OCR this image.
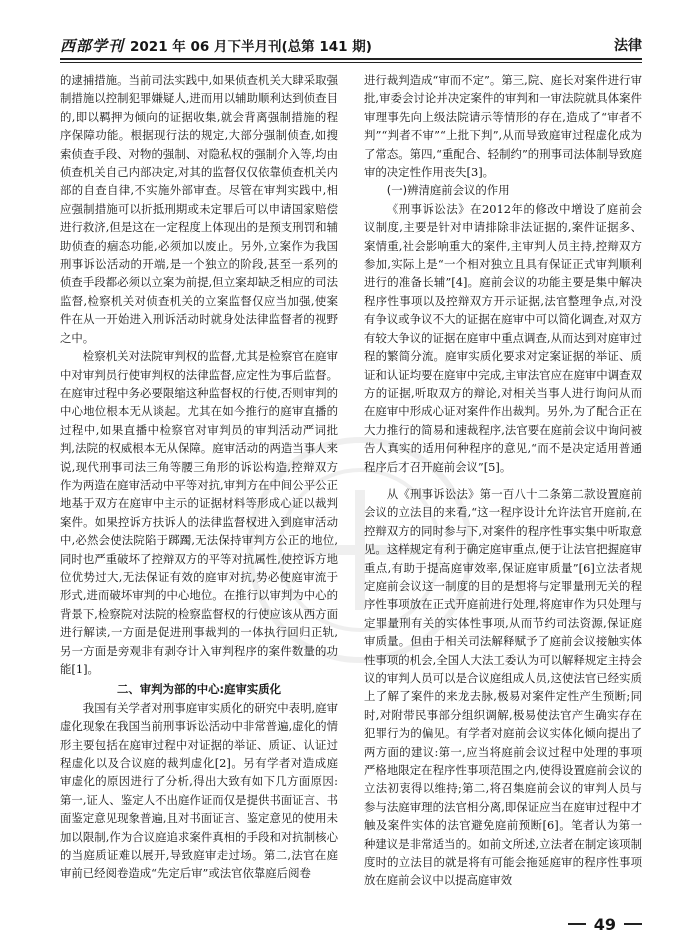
西部学刊 2021 年 06 月下半月刊(总第 141 期)	法律

的逮捕措施。当前司法实践中,如果侦查机关大肆采取强制措施以控制犯罪嫌疑人,进而用以辅助顺利达到侦查目的,即以羁押为倾向的证据收集,就会背离强制措施的程序保障功能。根据现行法的规定,大部分强制侦查,如搜索侦查手段、对物的强制、对隐私权的强制介入等,均由侦查机关自己内部决定,对其的监督仅仅依靠侦查机关内部的自查自律,不实施外部审查。尽管在审判实践中,相应强制措施可以折抵刑期或未定罪后可以申请国家赔偿进行救济,但是这在一定程度上体现出的是预支刑罚和辅助侦查的痼态功能,必须加以废止。另外,立案作为我国刑事诉讼活动的开端,是一个独立的阶段,甚至一系列的侦查手段都必须以立案为前提,但立案却缺乏相应的司法监督,检察机关对侦查机关的立案监督仅应当加强,使案件在从一开始进入刑诉活动时就身处法律监督者的视野之中。

检察机关对法院审判权的监督,尤其是检察官在庭审中对审判员行使审判权的法律监督,应定性为事后监督。在庭审过程中务必要限缩这种监督权的行使,否则审判的中心地位根本无从谈起。尤其在如今推行的庭审直播的过程中,如果直播中检察官对审判员的审判活动严词批判,法院的权威根本无从保障。庭审活动的两造当事人来说,现代刑事司法三角等腰三角形的诉讼构造,控辩双方作为两造在庭审活动中平等对抗,审判方在中间公平公正地基于双方在庭审中主示的证据材料等形成心证以裁判案件。如果控诉方扶诉人的法律监督权进入到庭审活动中,必然会使法院陷于踯躅,无法保持审判方公正的地位,同时也严重破坏了控辩双方的平等对抗属性,使控诉方地位优势过大,无法保证有效的庭审对抗,势必使庭审流于形式,进而破坏审判的中心地位。在推行以审判为中心的背景下,检察院对法院的检察监督权的行使应该从西方面进行解读,一方面是促进刑事裁判的一体执行回归正轨,另一方面是旁观非有剥夺计入审判程序的案件数量的功能[1]。

二、审判为部的中心:庭审实质化

我国有关学者对刑事庭审实质化的研究中表明,庭审虚化现象在我国当前刑事诉讼活动中非常普遍,虚化的情形主要包括在庭审过程中对证据的举证、质证、认证过程虚化以及合议庭的裁判虚化[2]。另有学者对造成庭审虚化的原因进行了分析,得出大致有如下几方面原因:第一,证人、鉴定人不出庭作证而仅是提供书面证言、书面鉴定意见现象普遍,且对书面证言、鉴定意见的使用未加以限制,作为合议庭追求案件真相的手段和对抗制核心的当庭质证难以展开,导致庭审走过场。第二,法官在庭审前已经阅卷造成“先定后审”或法官依靠庭后阅卷

进行裁判造成“审而不定”。第三,院、庭长对案件进行审批,审委会讨论并决定案件的审判和一审法院就具体案件审理事先向上级法院请示等情形的存在,造成了“审者不判”“判者不审”“上批下判”,从而导致庭审过程虚化成为了常态。第四,“重配合、轻制约”的刑事司法体制导致庭审的决定性作用丧失[3]。

(一)辨清庭前会议的作用

《刑事诉讼法》在2012年的修改中增设了庭前会议制度,主要是针对申请排除非法证据的,案件证据多、案情重,社会影响重大的案件,主审判人员主持,控辩双方参加,实际上是“一个相对独立且具有保证正式审判顺利进行的准备长辅”[4]。庭前会议的功能主要是集中解决程序性事项以及控辩双方开示证据,法官整理争点,对没有争议或争议不大的证据在庭审中可以简化调查,对双方有较大争议的证据在庭审中重点调查,从而达到对庭审过程的繁简分流。庭审实质化要求对定案证据的举证、质证和认证均要在庭审中完成,主审法官应在庭审中调查双方的证据,听取双方的辩论,对相关当事人进行询问从而在庭审中形成心证对案件作出裁判。另外,为了配合正在大力推行的简易和速裁程序,法官要在庭前会议中询问被告人真实的适用何种程序的意见,“而不是决定适用普通程序后才召开庭前会议”[5]。

从《刑事诉讼法》第一百八十二条第二款设置庭前会议的立法目的来看,“这一程序设计允许法官开庭前,在控辩双方的同时参与下,对案件的程序性事实集中听取意见。这样规定有利于确定庭审重点,便于让法官把握庭审重点,有助于提高庭审效率,保证庭审质量”[6]立法者规定庭前会议这一制度的目的是想将与定罪量刑无关的程序性事项放在正式开庭前进行处理,将庭审作为只处理与定罪量刑有关的实体性事项,从而节约司法资源,保证庭审质量。但由于相关司法解释赋予了庭前会议接触实体性事项的机会,全国人大法工委认为可以解释规定主持会议的审判人员可以是合议庭组成人员,这使法官已经实质上了解了案件的来龙去脉,极易对案件定性产生预断;同时,对附带民事部分组织调解,极易使法官产生确实存在犯罪行为的偏见。有学者对庭前会议实体化倾向提出了两方面的建议:第一,应当将庭前会议过程中处理的事项严格地限定在程序性事项范围之内,使得设置庭前会议的立法初衷得以维持;第二,将召集庭前会议的审判人员与参与法庭审理的法官相分离,即保证应当在庭审过程中才触及案件实体的法官避免庭前预断[6]。笔者认为第一种建议是非常适当的。如前文所述,立法者在制定该项制度时的立法目的就是将有可能会拖延庭审的程序性事项放在庭前会议中以提高庭审效

49
